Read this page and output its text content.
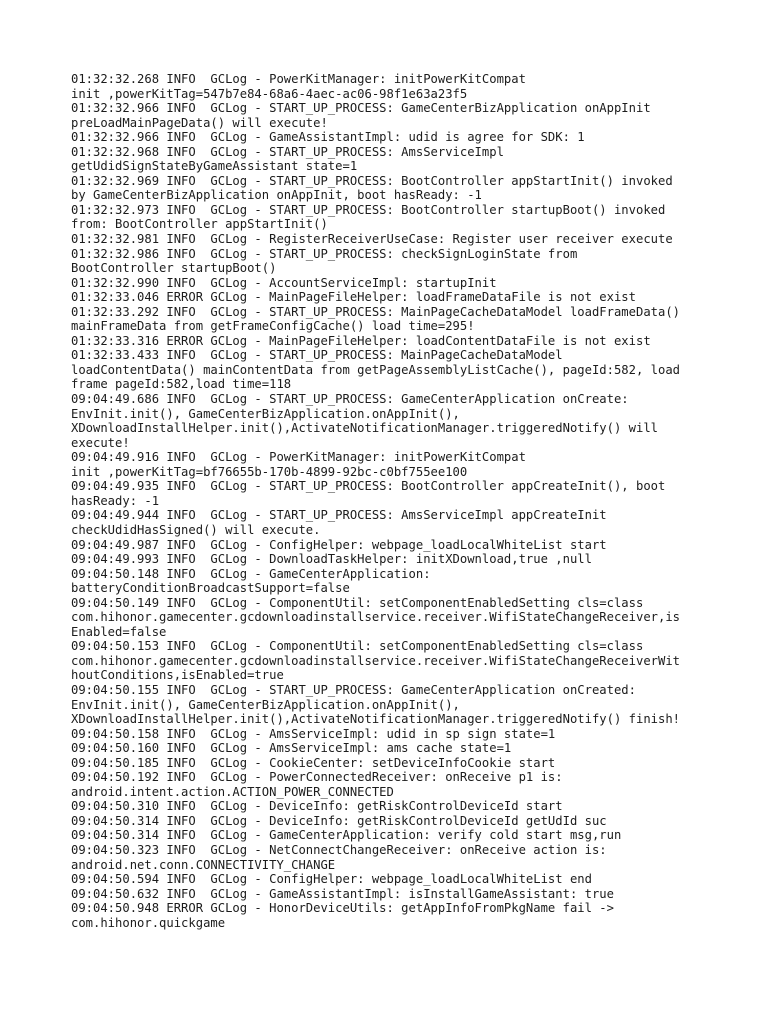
01:32:32.268 INFO  GCLog - PowerKitManager: initPowerKitCompat
init ,powerKitTag=547b7e84-68a6-4aec-ac06-98f1e63a23f5
01:32:32.966 INFO  GCLog - START_UP_PROCESS: GameCenterBizApplication onAppInit
preLoadMainPageData() will execute!
01:32:32.966 INFO  GCLog - GameAssistantImpl: udid is agree for SDK: 1
01:32:32.968 INFO  GCLog - START_UP_PROCESS: AmsServiceImpl
getUdidSignStateByGameAssistant state=1
01:32:32.969 INFO  GCLog - START_UP_PROCESS: BootController appStartInit() invoked
by GameCenterBizApplication onAppInit, boot hasReady: -1
01:32:32.973 INFO  GCLog - START_UP_PROCESS: BootController startupBoot() invoked
from: BootController appStartInit()
01:32:32.981 INFO  GCLog - RegisterReceiverUseCase: Register user receiver execute
01:32:32.986 INFO  GCLog - START_UP_PROCESS: checkSignLoginState from
BootController startupBoot()
01:32:32.990 INFO  GCLog - AccountServiceImpl: startupInit
01:32:33.046 ERROR GCLog - MainPageFileHelper: loadFrameDataFile is not exist
01:32:33.292 INFO  GCLog - START_UP_PROCESS: MainPageCacheDataModel loadFrameData()
mainFrameData from getFrameConfigCache() load time=295!
01:32:33.316 ERROR GCLog - MainPageFileHelper: loadContentDataFile is not exist
01:32:33.433 INFO  GCLog - START_UP_PROCESS: MainPageCacheDataModel
loadContentData() mainContentData from getPageAssemblyListCache(), pageId:582, load
frame pageId:582,load time=118
09:04:49.686 INFO  GCLog - START_UP_PROCESS: GameCenterApplication onCreate:
EnvInit.init(), GameCenterBizApplication.onAppInit(),
XDownloadInstallHelper.init(),ActivateNotificationManager.triggeredNotify() will
execute!
09:04:49.916 INFO  GCLog - PowerKitManager: initPowerKitCompat
init ,powerKitTag=bf76655b-170b-4899-92bc-c0bf755ee100
09:04:49.935 INFO  GCLog - START_UP_PROCESS: BootController appCreateInit(), boot
hasReady: -1
09:04:49.944 INFO  GCLog - START_UP_PROCESS: AmsServiceImpl appCreateInit
checkUdidHasSigned() will execute.
09:04:49.987 INFO  GCLog - ConfigHelper: webpage_loadLocalWhiteList start
09:04:49.993 INFO  GCLog - DownloadTaskHelper: initXDownload,true ,null
09:04:50.148 INFO  GCLog - GameCenterApplication:
batteryConditionBroadcastSupport=false
09:04:50.149 INFO  GCLog - ComponentUtil: setComponentEnabledSetting cls=class
com.hihonor.gamecenter.gcdownloadinstallservice.receiver.WifiStateChangeReceiver,is
Enabled=false
09:04:50.153 INFO  GCLog - ComponentUtil: setComponentEnabledSetting cls=class
com.hihonor.gamecenter.gcdownloadinstallservice.receiver.WifiStateChangeReceiverWit
houtConditions,isEnabled=true
09:04:50.155 INFO  GCLog - START_UP_PROCESS: GameCenterApplication onCreated:
EnvInit.init(), GameCenterBizApplication.onAppInit(),
XDownloadInstallHelper.init(),ActivateNotificationManager.triggeredNotify() finish!
09:04:50.158 INFO  GCLog - AmsServiceImpl: udid in sp sign state=1
09:04:50.160 INFO  GCLog - AmsServiceImpl: ams cache state=1
09:04:50.185 INFO  GCLog - CookieCenter: setDeviceInfoCookie start
09:04:50.192 INFO  GCLog - PowerConnectedReceiver: onReceive p1 is:
android.intent.action.ACTION_POWER_CONNECTED
09:04:50.310 INFO  GCLog - DeviceInfo: getRiskControlDeviceId start
09:04:50.314 INFO  GCLog - DeviceInfo: getRiskControlDeviceId getUdId suc
09:04:50.314 INFO  GCLog - GameCenterApplication: verify cold start msg,run
09:04:50.323 INFO  GCLog - NetConnectChangeReceiver: onReceive action is:
android.net.conn.CONNECTIVITY_CHANGE
09:04:50.594 INFO  GCLog - ConfigHelper: webpage_loadLocalWhiteList end
09:04:50.632 INFO  GCLog - GameAssistantImpl: isInstallGameAssistant: true
09:04:50.948 ERROR GCLog - HonorDeviceUtils: getAppInfoFromPkgName fail ->
com.hihonor.quickgame
